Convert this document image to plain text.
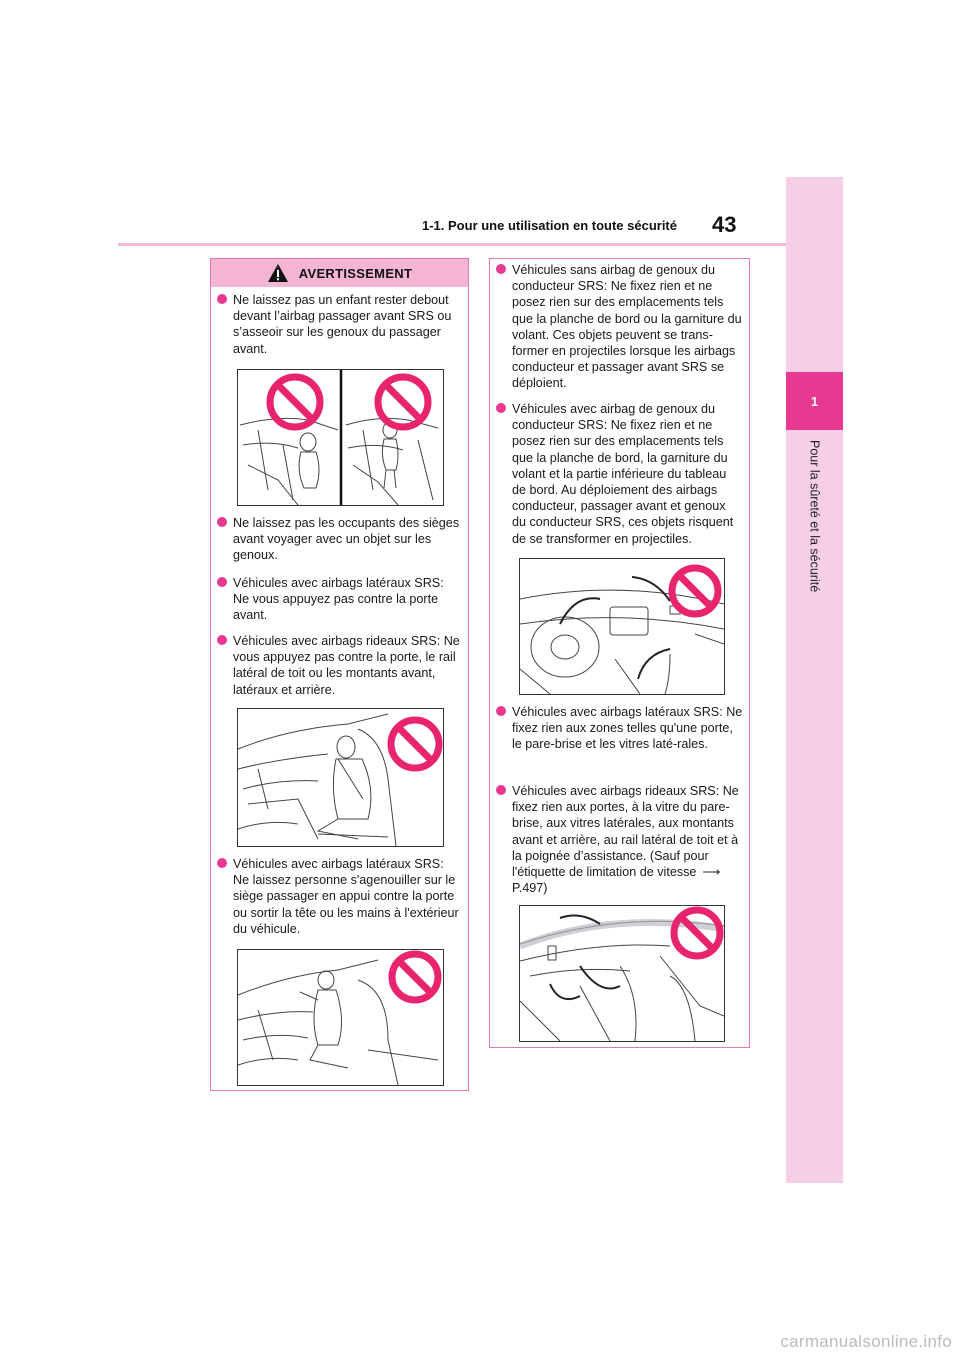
1
Pour la sûreté et la sécurité
1-1. Pour une utilisation en toute sécurité 43
AVERTISSEMENT
Ne laissez pas un enfant rester debout devant l’airbag passager avant SRS ou s’asseoir sur les genoux du passager avant.
Ne laissez pas les occupants des sièges avant voyager avec un objet sur les genoux.
Véhicules avec airbags latéraux SRS: Ne vous appuyez pas contre la porte avant.
Véhicules avec airbags rideaux SRS: Ne vous appuyez pas contre la porte, le rail latéral de toit ou les montants avant, latéraux et arrière.
Véhicules avec airbags latéraux SRS: Ne laissez personne s'agenouiller sur le siège passager en appui contre la porte ou sortir la tête ou les mains à l'extérieur du véhicule.
Véhicules sans airbag de genoux du conducteur SRS: Ne fixez rien et ne posez rien sur des emplacements tels que la planche de bord ou la garniture du volant. Ces objets peuvent se trans-former en projectiles lorsque les airbags conducteur et passager avant SRS se déploient.
Véhicules avec airbag de genoux du conducteur SRS: Ne fixez rien et ne posez rien sur des emplacements tels que la planche de bord, la garniture du volant et la partie inférieure du tableau de bord. Au déploiement des airbags conducteur, passager avant et genoux du conducteur SRS, ces objets risquent de se transformer en projectiles.
Véhicules avec airbags latéraux SRS: Ne fixez rien aux zones telles qu'une porte, le pare-brise et les vitres laté-rales.
Véhicules avec airbags rideaux SRS: Ne fixez rien aux portes, à la vitre du pare-brise, aux vitres latérales, aux montants avant et arrière, au rail latéral de toit et à la poignée d’assistance. (Sauf pour l'étiquette de limitation de vitesse ⟶P.497)
carmanualsonline.info
